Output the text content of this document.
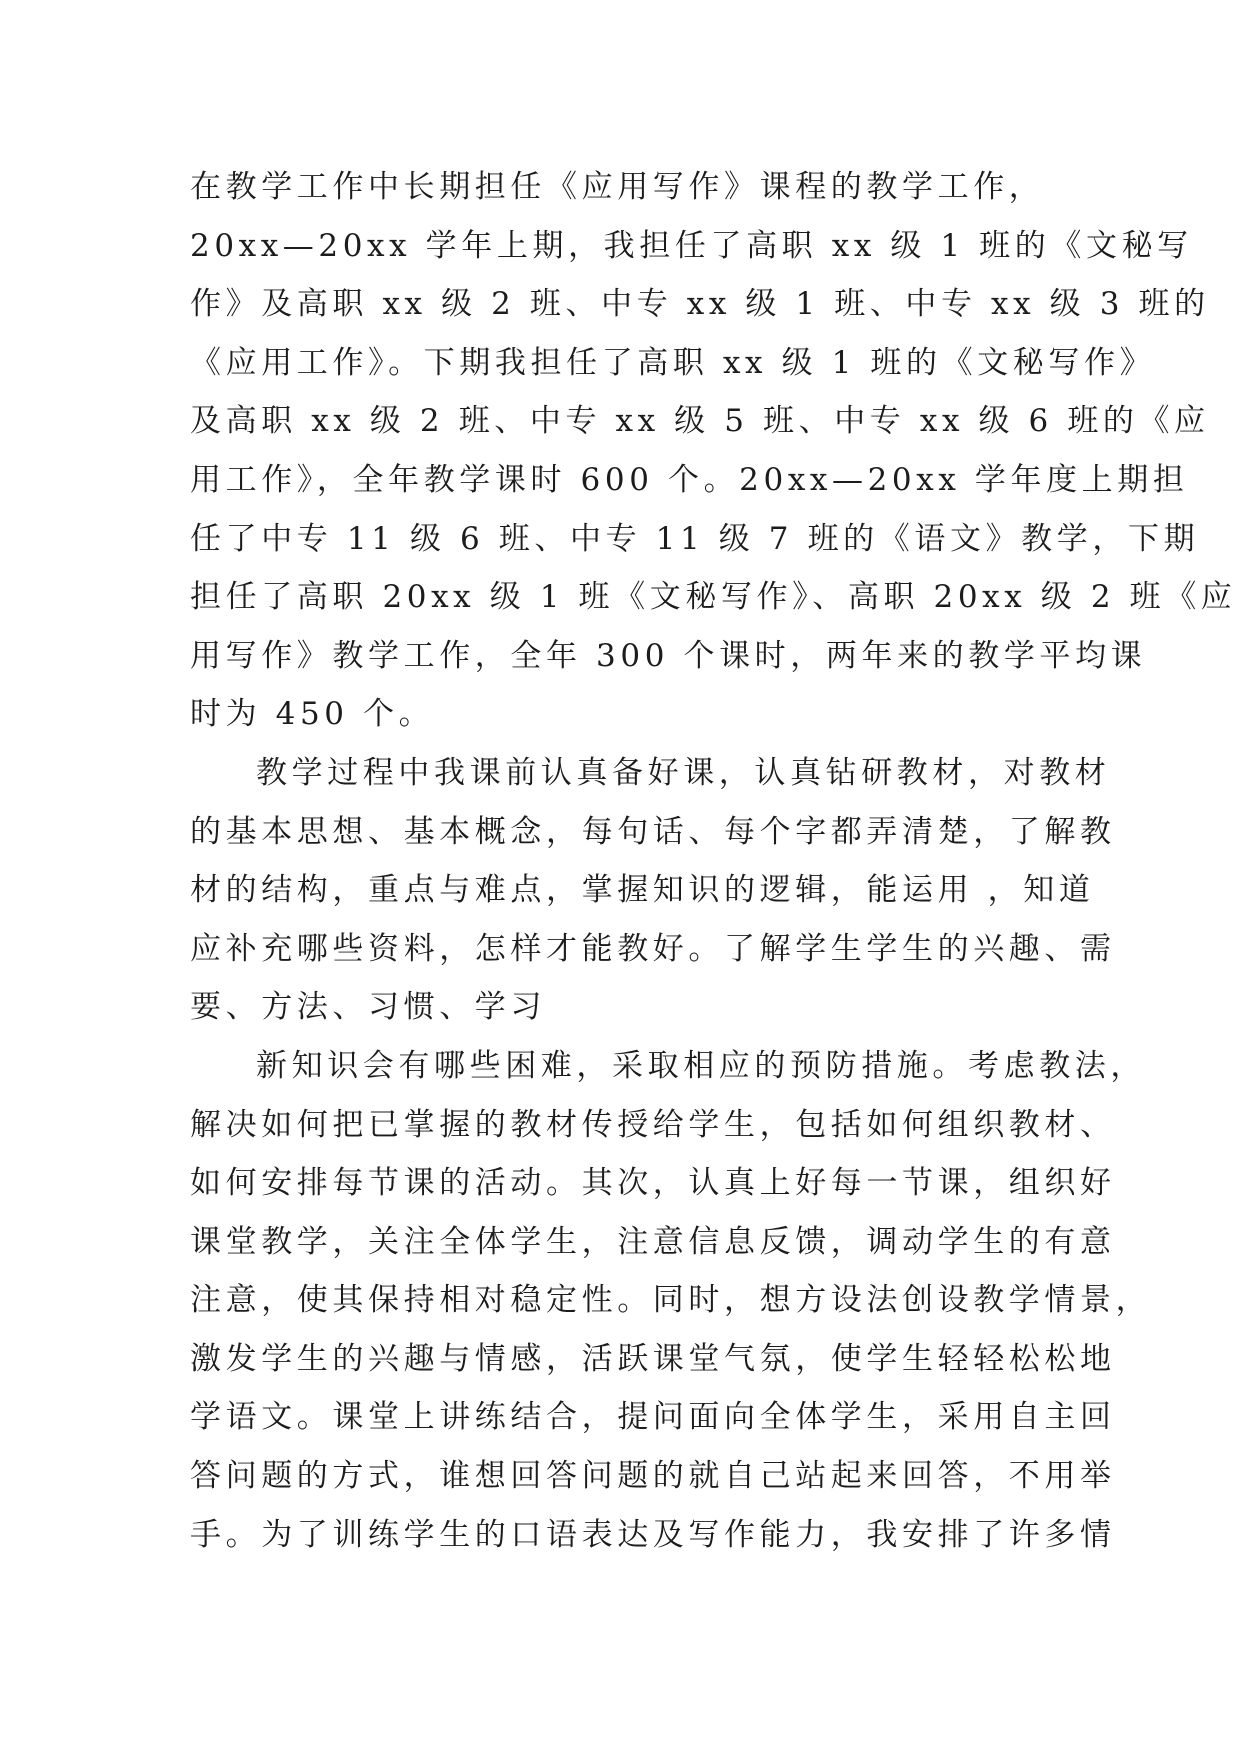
在教学工作中长期担任《应用写作》课程的教学工作，
20xx—20xx 学年上期，我担任了高职 xx 级 1 班的《文秘写
作》及高职 xx 级 2 班、中专 xx 级 1 班、中专 xx 级 3 班的
《应用工作》。下期我担任了高职 xx 级 1 班的《文秘写作》
及高职 xx 级 2 班、中专 xx 级 5 班、中专 xx 级 6 班的《应
用工作》，全年教学课时 600 个。20xx—20xx 学年度上期担
任了中专 11 级 6 班、中专 11 级 7 班的《语文》教学，下期
担任了高职 20xx 级 1 班《文秘写作》、高职 20xx 级 2 班《应
用写作》教学工作，全年 300 个课时，两年来的教学平均课
时为 450 个。
教学过程中我课前认真备好课，认真钻研教材，对教材
的基本思想、基本概念，每句话、每个字都弄清楚，了解教
材的结构，重点与难点，掌握知识的逻辑，能运用 ，知道
应补充哪些资料，怎样才能教好。了解学生学生的兴趣、需
要、方法、习惯、学习
新知识会有哪些困难，采取相应的预防措施。考虑教法，
解决如何把已掌握的教材传授给学生，包括如何组织教材、
如何安排每节课的活动。其次，认真上好每一节课，组织好
课堂教学，关注全体学生，注意信息反馈，调动学生的有意
注意，使其保持相对稳定性。同时，想方设法创设教学情景，
激发学生的兴趣与情感，活跃课堂气氛，使学生轻轻松松地
学语文。课堂上讲练结合，提问面向全体学生，采用自主回
答问题的方式，谁想回答问题的就自己站起来回答，不用举
手。为了训练学生的口语表达及写作能力，我安排了许多情
